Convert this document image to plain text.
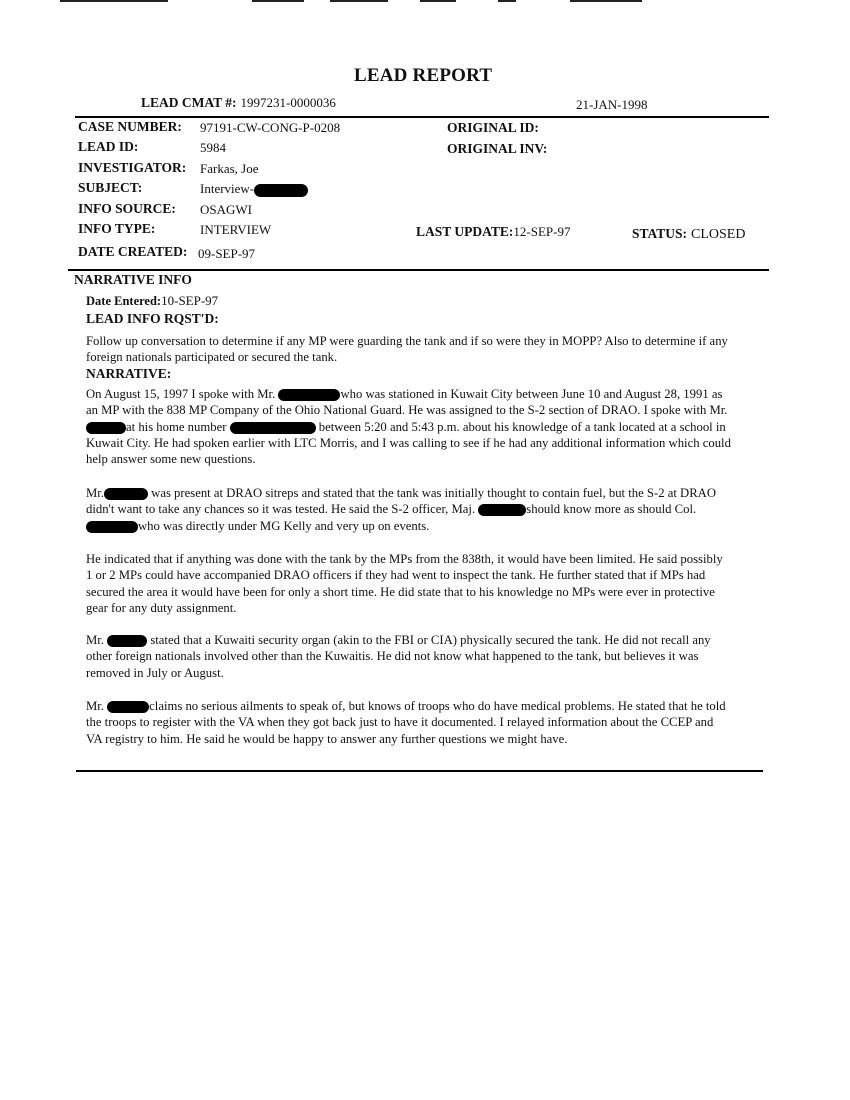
LEAD REPORT
LEAD CMAT #: 1997231-0000036	21-JAN-1998
CASE NUMBER: 97191-CW-CONG-P-0208
LEAD ID:	5984
INVESTIGATOR: Farkas, Joe
SUBJECT:	Interview-
INFO SOURCE: OSAGWI
INFO TYPE:	INTERVIEW
DATE CREATED: 09-SEP-97
ORIGINAL ID:
ORIGINAL INV:
LAST UPDATE:12-SEP-97	STATUS: CLOSED
NARRATIVE INFO
Date Entered:10-SEP-97
LEAD INFO RQST'D:

Follow up conversation to determine if any MP were guarding the tank and if so were they in MOPP? Also to determine if any foreign nationals participated or secured the tank.

NARRATIVE:

On August 15, 1997 I spoke with Mr.	who was stationed in Kuwait City between June 10 and August 28, 1991 as an MP with the 838 MP Company of the Ohio National Guard. He was assigned to the S-2 section of DRAO. I spoke with Mr. at his home number	between 5:20 and 5:43 p.m. about his knowledge of a tank located at a school in Kuwait City. He had spoken earlier with LTC Morris, and I was calling to see if he had any additional information which could help answer some new questions.

Mr.	was present at DRAO sitreps and stated that the tank was initially thought to contain fuel, but the S-2 at DRAO didn't want to take any chances so it was tested. He said the S-2 officer, Maj.	should know more as should Col. who was directly under MG Kelly and very up on events.

He indicated that if anything was done with the tank by the MPs from the 838th, it would have been limited. He said possibly 1 or 2 MPs could have accompanied DRAO officers if they had went to inspect the tank. He further stated that if MPs had secured the area it would have been for only a short time. He did state that to his knowledge no MPs were ever in protective gear for any duty assignment.

Mr.	stated that a Kuwaiti security organ (akin to the FBI or CIA) physically secured the tank. He did not recall any other foreign nationals involved other than the Kuwaitis. He did not know what happened to the tank, but believes it was removed in July or August.

Mr.	claims no serious ailments to speak of, but knows of troops who do have medical problems. He stated that he told the troops to register with the VA when they got back just to have it documented. I relayed information about the CCEP and VA registry to him. He said he would be happy to answer any further questions we might have.
